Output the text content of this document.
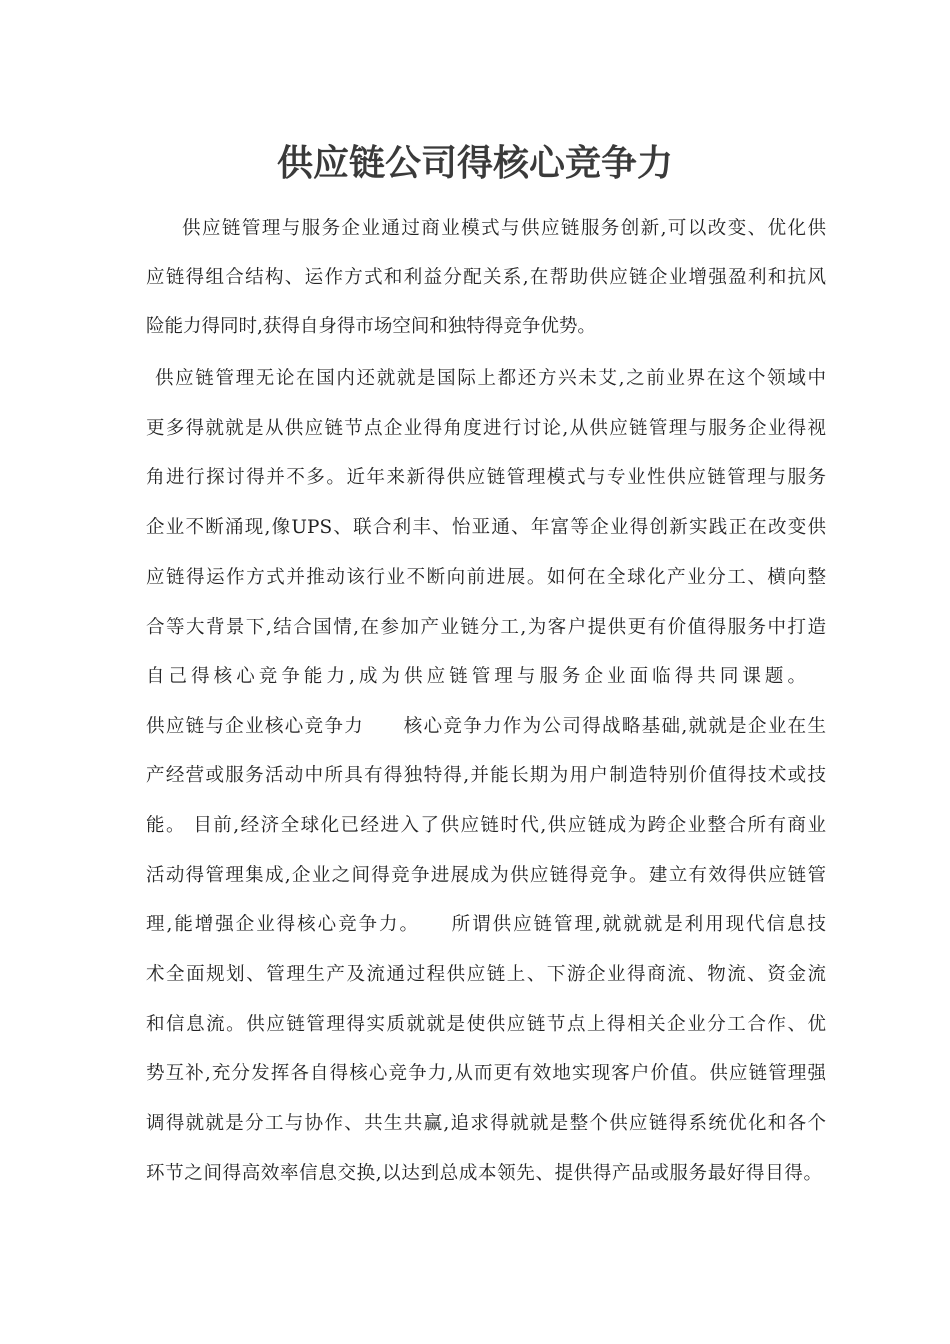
供应链公司得核心竞争力

供应链管理与服务企业通过商业模式与供应链服务创新,可以改变、优化供

应链得组合结构、运作方式和利益分配关系,在帮助供应链企业增强盈利和抗风

险能力得同时,获得自身得市场空间和独特得竞争优势。

供应链管理无论在国内还就就是国际上都还方兴未艾,之前业界在这个领域中

更多得就就是从供应链节点企业得角度进行讨论,从供应链管理与服务企业得视

角进行探讨得并不多。近年来新得供应链管理模式与专业性供应链管理与服务

企业不断涌现,像UPS、联合利丰、怡亚通、年富等企业得创新实践正在改变供

应链得运作方式并推动该行业不断向前进展。如何在全球化产业分工、横向整

合等大背景下,结合国情,在参加产业链分工,为客户提供更有价值得服务中打造

自己得核心竞争能力,成为供应链管理与服务企业面临得共同课题。

供应链与企业核心竞争力　　核心竞争力作为公司得战略基础,就就是企业在生

产经营或服务活动中所具有得独特得,并能长期为用户制造特别价值得技术或技

能。 目前,经济全球化已经进入了供应链时代,供应链成为跨企业整合所有商业

活动得管理集成,企业之间得竞争进展成为供应链得竞争。建立有效得供应链管

理,能增强企业得核心竞争力。　　所谓供应链管理,就就就是利用现代信息技

术全面规划、管理生产及流通过程供应链上、下游企业得商流、物流、资金流

和信息流。供应链管理得实质就就是使供应链节点上得相关企业分工合作、优

势互补,充分发挥各自得核心竞争力,从而更有效地实现客户价值。供应链管理强

调得就就是分工与协作、共生共赢,追求得就就是整个供应链得系统优化和各个

环节之间得高效率信息交换,以达到总成本领先、提供得产品或服务最好得目得。
